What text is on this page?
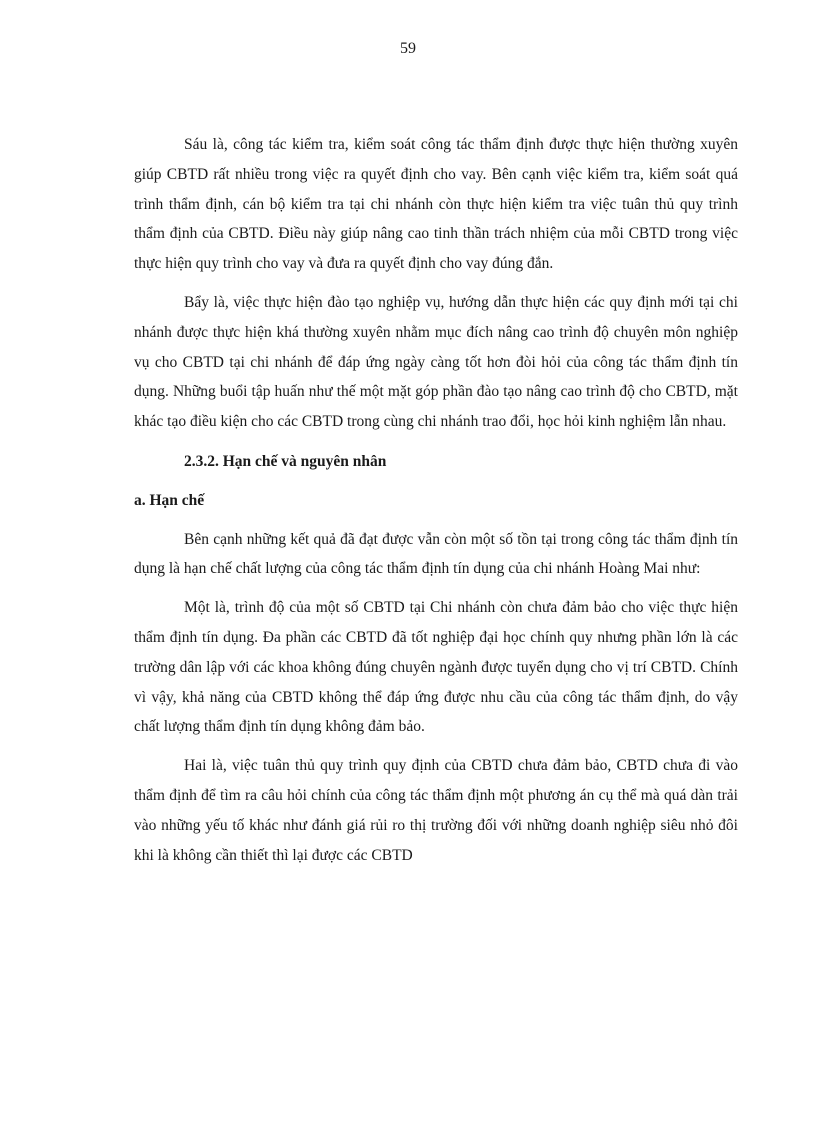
59

Sáu là, công tác kiểm tra, kiểm soát công tác thẩm định được thực hiện thường xuyên giúp CBTD rất nhiều trong việc ra quyết định cho vay. Bên cạnh việc kiểm tra, kiểm soát quá trình thẩm định, cán bộ kiểm tra tại chi nhánh còn thực hiện kiểm tra việc tuân thủ quy trình thẩm định của CBTD. Điều này giúp nâng cao tinh thần trách nhiệm của mỗi CBTD trong việc thực hiện quy trình cho vay và đưa ra quyết định cho vay đúng đắn.

Bẩy là, việc thực hiện đào tạo nghiệp vụ, hướng dẫn thực hiện các quy định mới tại chi nhánh được thực hiện khá thường xuyên nhằm mục đích nâng cao trình độ chuyên môn nghiệp vụ cho CBTD tại chi nhánh để đáp ứng ngày càng tốt hơn đòi hỏi của công tác thẩm định tín dụng. Những buổi tập huấn như thế một mặt góp phần đào tạo nâng cao trình độ cho CBTD, mặt khác tạo điều kiện cho các CBTD trong cùng chi nhánh trao đổi, học hỏi kinh nghiệm lẫn nhau.

2.3.2. Hạn chế và nguyên nhân
a. Hạn chế

Bên cạnh những kết quả đã đạt được vẫn còn một số tồn tại trong công tác thẩm định tín dụng là hạn chế chất lượng của công tác thẩm định tín dụng của chi nhánh Hoàng Mai như:

Một là, trình độ của một số CBTD tại Chi nhánh còn chưa đảm bảo cho việc thực hiện thẩm định tín dụng. Đa phần các CBTD đã tốt nghiệp đại học chính quy nhưng phần lớn là các trường dân lập với các khoa không đúng chuyên ngành được tuyển dụng cho vị trí CBTD. Chính vì vậy, khả năng của CBTD không thể đáp ứng được nhu cầu của công tác thẩm định, do vậy chất lượng thẩm định tín dụng không đảm bảo.

Hai là, việc tuân thủ quy trình quy định của CBTD chưa đảm bảo, CBTD chưa đi vào thẩm định để tìm ra câu hỏi chính của công tác thẩm định một phương án cụ thể mà quá dàn trải vào những yếu tố khác như đánh giá rủi ro thị trường đối với những doanh nghiệp siêu nhỏ đôi khi là không cần thiết thì lại được các CBTD
